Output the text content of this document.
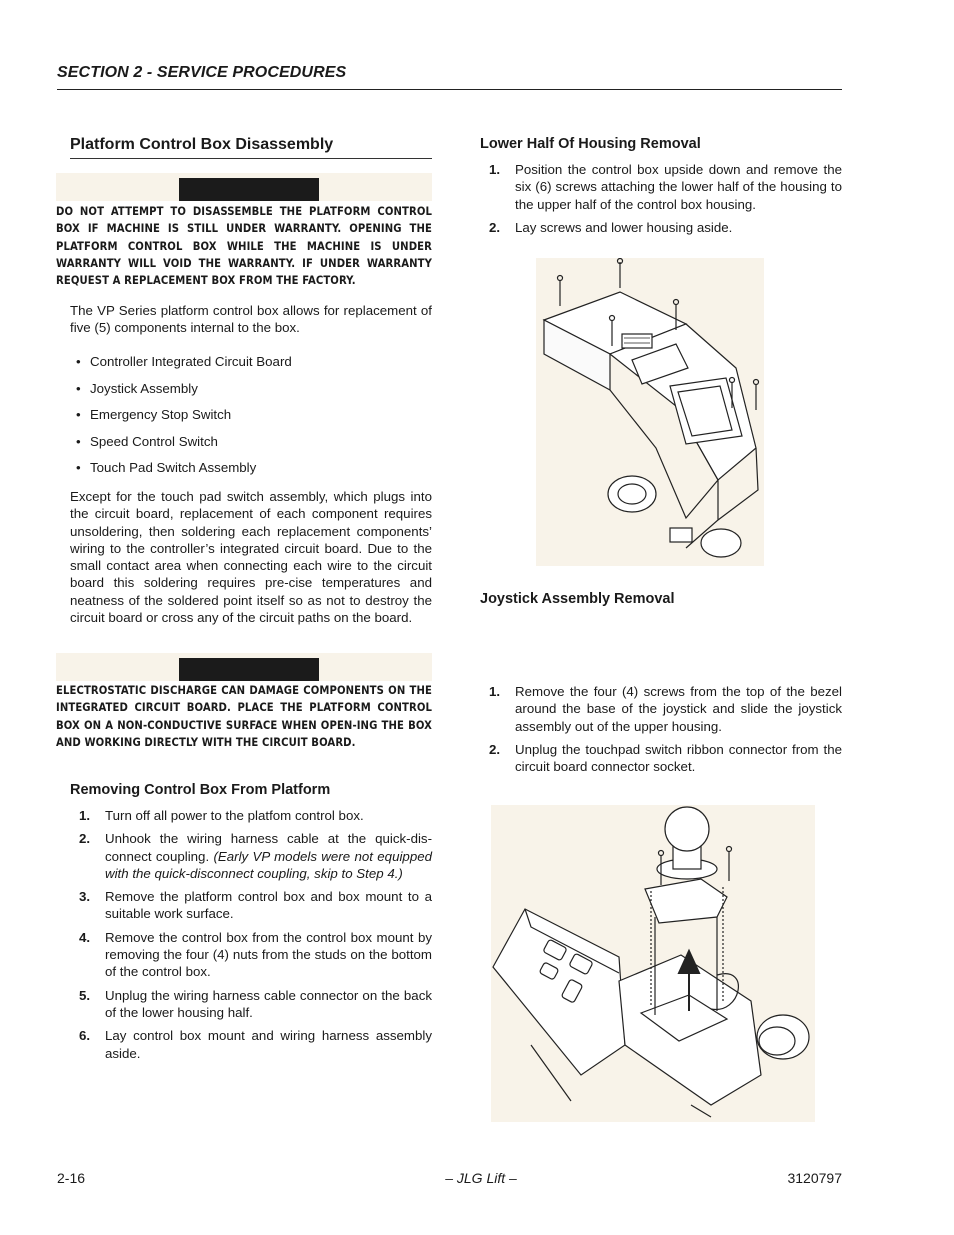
SECTION 2 - SERVICE PROCEDURES
Platform Control Box Disassembly
DO NOT ATTEMPT TO DISASSEMBLE THE PLATFORM CONTROL BOX IF MACHINE IS STILL UNDER WARRANTY. OPENING THE PLATFORM CONTROL BOX WHILE THE MACHINE IS UNDER WARRANTY WILL VOID THE WARRANTY. IF UNDER WARRANTY REQUEST A REPLACEMENT BOX FROM THE FACTORY.
The VP Series platform control box allows for replacement of five (5) components internal to the box.
• Controller Integrated Circuit Board
• Joystick Assembly
• Emergency Stop Switch
• Speed Control Switch
• Touch Pad Switch Assembly
Except for the touch pad switch assembly, which plugs into the circuit board, replacement of each component requires unsoldering, then soldering each replacement components’ wiring to the controller’s integrated circuit board. Due to the small contact area when connecting each wire to the circuit board this soldering requires pre-cise temperatures and neatness of the soldered point itself so as not to destroy the circuit board or cross any of the circuit paths on the board.
ELECTROSTATIC DISCHARGE CAN DAMAGE COMPONENTS ON THE INTEGRATED CIRCUIT BOARD. PLACE THE PLATFORM CONTROL BOX ON A NON-CONDUCTIVE SURFACE WHEN OPEN-ING THE BOX AND WORKING DIRECTLY WITH THE CIRCUIT BOARD.
Removing Control Box From Platform
1. Turn off all power to the platfom control box.
2. Unhook the wiring harness cable at the quick-dis-connect coupling. (Early VP models were not equipped with the quick-disconnect coupling, skip to Step 4.)
3. Remove the platform control box and box mount to a suitable work surface.
4. Remove the control box from the control box mount by removing the four (4) nuts from the studs on the bottom of the control box.
5. Unplug the wiring harness cable connector on the back of the lower housing half.
6. Lay control box mount and wiring harness assembly aside.
Lower Half Of Housing Removal
1. Position the control box upside down and remove the six (6) screws attaching the lower half of the housing to the upper half of the control box housing.
2. Lay screws and lower housing aside.
Joystick Assembly Removal
1. Remove the four (4) screws from the top of the bezel around the base of the joystick and slide the joystick assembly out of the upper housing.
2. Unplug the touchpad switch ribbon connector from the circuit board connector socket.
2-16	– JLG Lift –	3120797
